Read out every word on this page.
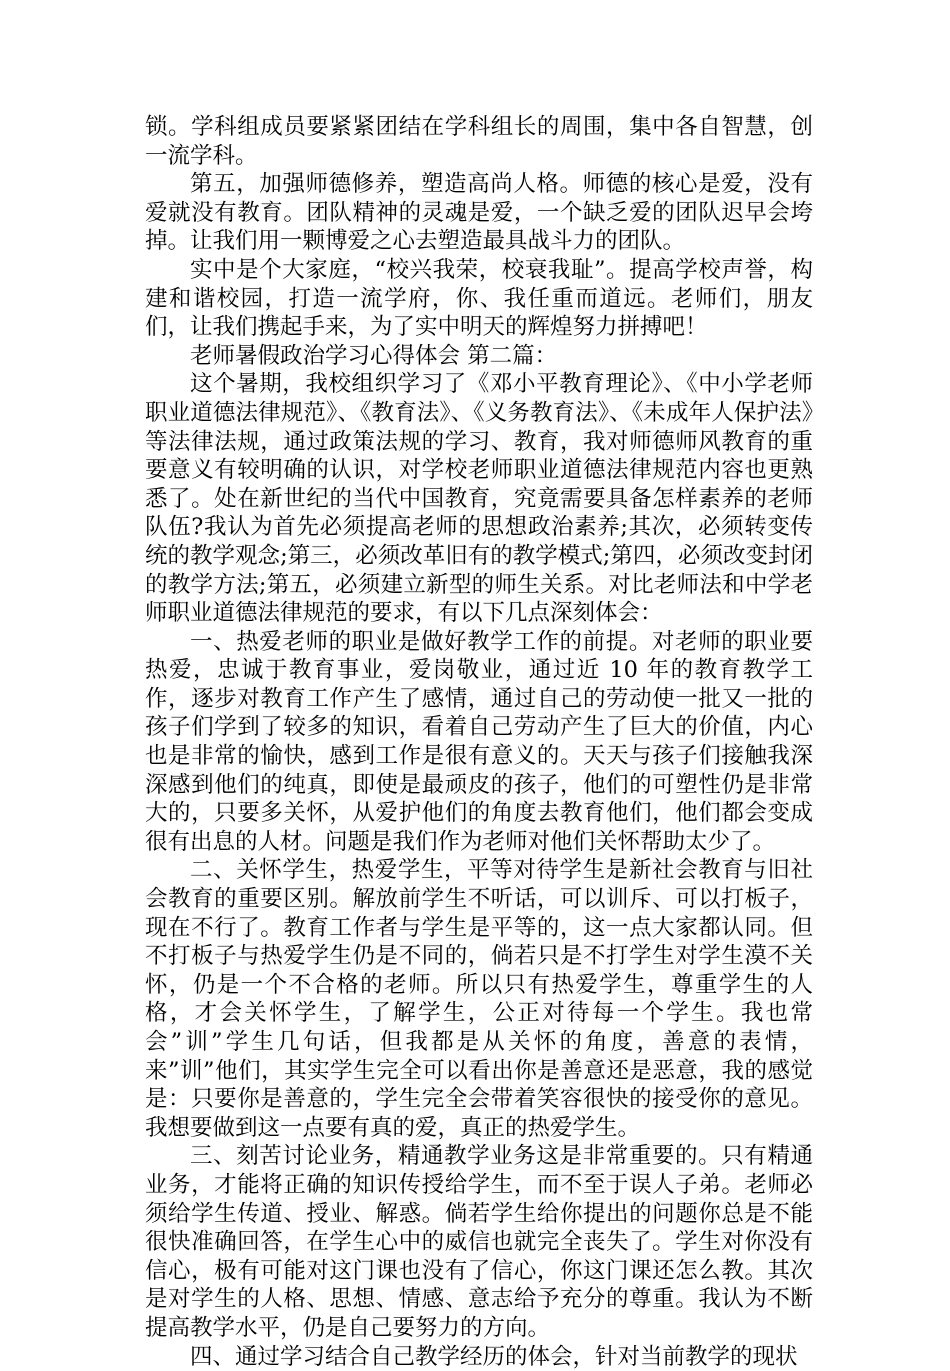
锁。学科组成员要紧紧团结在学科组长的周围，集中各自智慧，创一流学科。

第五，加强师德修养，塑造高尚人格。师德的核心是爱，没有爱就没有教育。团队精神的灵魂是爱，一个缺乏爱的团队迟早会垮掉。让我们用一颗博爱之心去塑造最具战斗力的团队。

实中是个大家庭，“校兴我荣，校衰我耻”。提高学校声誉，构建和谐校园，打造一流学府，你、我任重而道远。老师们，朋友们，让我们携起手来，为了实中明天的辉煌努力拼搏吧！

老师暑假政治学习心得体会 第二篇：

这个暑期，我校组织学习了《邓小平教育理论》、《中小学老师职业道德法律规范》、《教育法》、《义务教育法》、《未成年人保护法》等法律法规，通过政策法规的学习、教育，我对师德师风教育的重要意义有较明确的认识，对学校老师职业道德法律规范内容也更熟悉了。处在新世纪的当代中国教育，究竟需要具备怎样素养的老师队伍?我认为首先必须提高老师的思想政治素养;其次，必须转变传统的教学观念;第三，必须改革旧有的教学模式;第四，必须改变封闭的教学方法;第五，必须建立新型的师生关系。对比老师法和中学老师职业道德法律规范的要求，有以下几点深刻体会：

一、热爱老师的职业是做好教学工作的前提。对老师的职业要热爱，忠诚于教育事业，爱岗敬业，通过近 10 年的教育教学工作，逐步对教育工作产生了感情，通过自己的劳动使一批又一批的孩子们学到了较多的知识，看着自己劳动产生了巨大的价值，内心也是非常的愉快，感到工作是很有意义的。天天与孩子们接触我深深感到他们的纯真，即使是最顽皮的孩子，他们的可塑性仍是非常大的，只要多关怀，从爱护他们的角度去教育他们，他们都会变成很有出息的人材。问题是我们作为老师对他们关怀帮助太少了。

二、关怀学生，热爱学生，平等对待学生是新社会教育与旧社会教育的重要区别。解放前学生不听话，可以训斥、可以打板子，现在不行了。教育工作者与学生是平等的，这一点大家都认同。但不打板子与热爱学生仍是不同的，倘若只是不打学生对学生漠不关怀，仍是一个不合格的老师。所以只有热爱学生，尊重学生的人格，才会关怀学生，了解学生，公正对待每一个学生。我也常会”训”学生几句话，但我都是从关怀的角度，善意的表情，来”训”他们，其实学生完全可以看出你是善意还是恶意，我的感觉是：只要你是善意的，学生完全会带着笑容很快的接受你的意见。我想要做到这一点要有真的爱，真正的热爱学生。

三、刻苦讨论业务，精通教学业务这是非常重要的。只有精通业务，才能将正确的知识传授给学生，而不至于误人子弟。老师必须给学生传道、授业、解惑。倘若学生给你提出的问题你总是不能很快准确回答，在学生心中的威信也就完全丧失了。学生对你没有信心，极有可能对这门课也没有了信心，你这门课还怎么教。其次是对学生的人格、思想、情感、意志给予充分的尊重。我认为不断提高教学水平，仍是自己要努力的方向。

四、通过学习结合自己教学经历的体会，针对当前教学的现状
